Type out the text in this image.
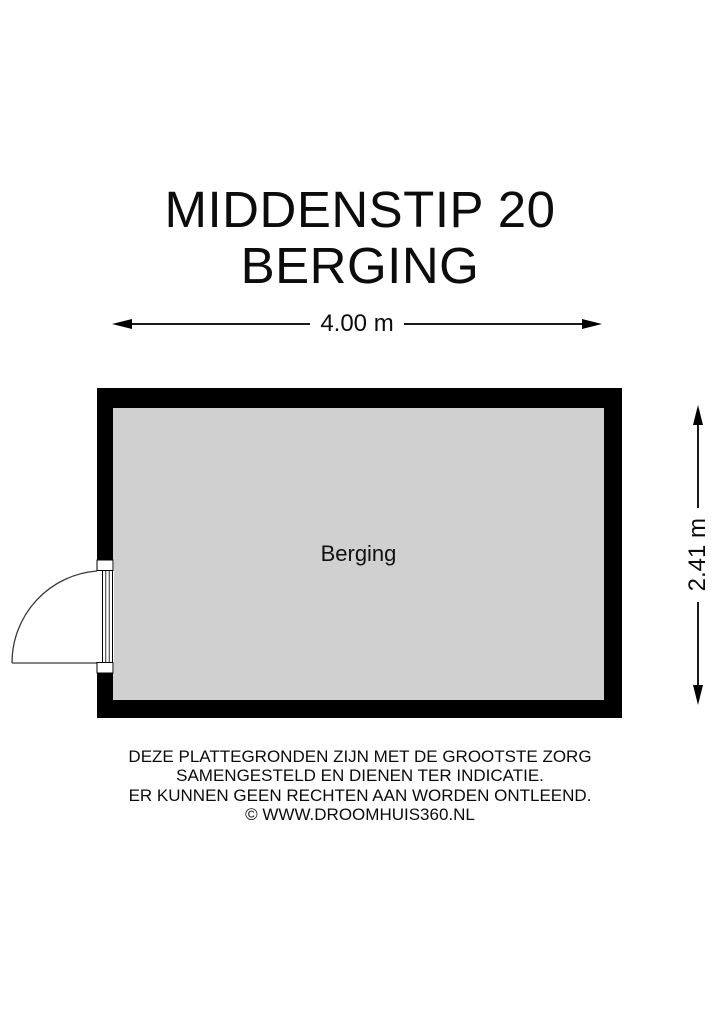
MIDDENSTIP 20
BERGING
4.00 m
Berging	2.41 m
DEZE PLATTEGRONDEN ZIJN MET DE GROOTSTE ZORG
SAMENGESTELD EN DIENEN TER INDICATIE.
ER KUNNEN GEEN RECHTEN AAN WORDEN ONTLEEND.
© WWW.DROOMHUIS360.NL
